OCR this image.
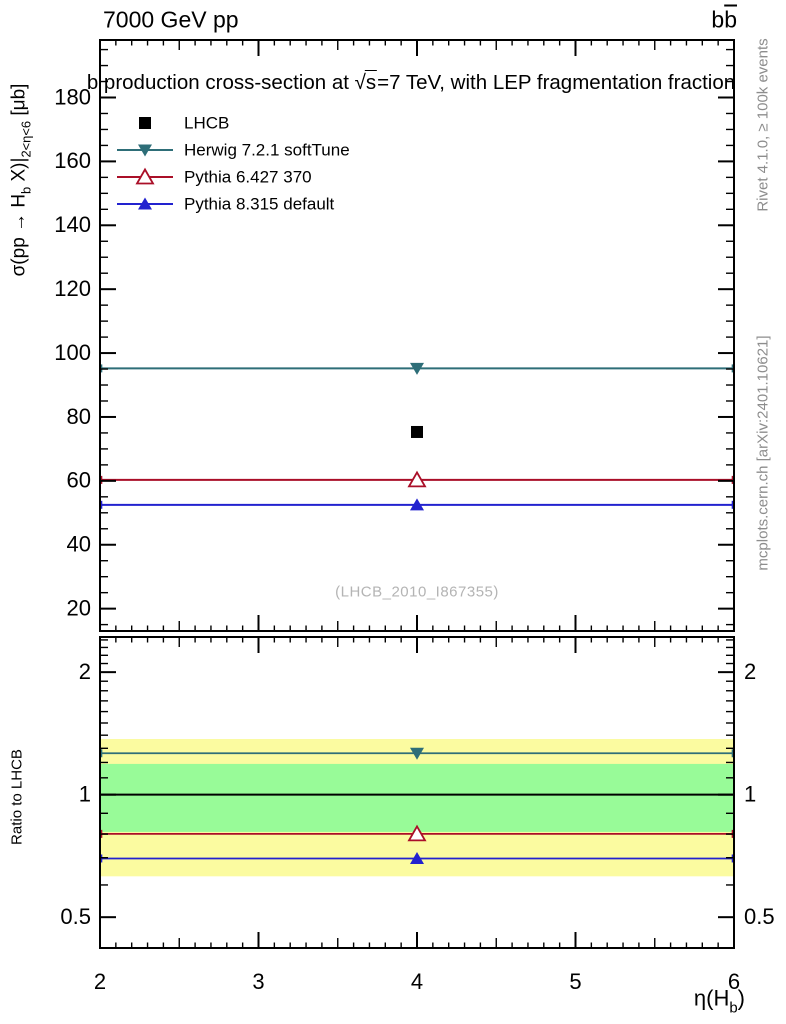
20
40
60
80
100
120
140
160
180
0.5	0.5
1	1
2	2
2	3	4	5	6
LHCB
Herwig 7.2.1 softTune
Pythia 6.427 370
Pythia 8.315 default
7000 GeV pp	$b\overline{b}$
b production cross-section at √s=7 TeV, with LEP fragmentation fraction
$\sigma(pp \to H_b$ $X)|_{2<\eta<6}$ [μb]
Ratio to LHCB
$\eta(H_b)$
(LHCB_2010_I867355)
Rivet 4.1.0, ≥ 100k events
mcplots.cern.ch [arXiv:2401.10621]
